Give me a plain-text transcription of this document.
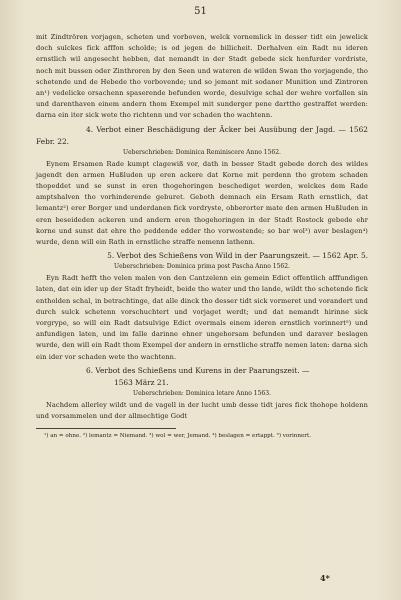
51

mit Zindtrören vorjagen, scheten und vorboven, welck vornemlick in desser tidt ein jewelick doch sulckes fick afffon scholde; is od jegen de billicheit. Derhalven ein Radt nu ideren ernstlich wil angesecht hebben, dat nemandt in der Stadt gebede sick henfurder vordriste, noch mit bussen oder Zinthroren by den Seen und wateren de wilden Swan tho vorjagende, tho schetende und de Hebede tho vorbovende; und so jemant mit sodaner Munition und Zintroren an¹) vedelicke orsachenn spaserende befunden worde, desulvige schal der wehre vorfallen sin und darenthaven einem andern thom Exempel mit sunderger pene darttho gestraffet werden: darna ein iter sick wete tho richtenn und vor schaden tho wachtenn.

4. Verbot einer Beschädigung der Äcker bei Ausübung der Jagd. — 1562 Febr. 22.

Ueberschrieben: Dominica Reminiscere Anno 1562.

Eynem Ersamen Rade kumpt clagewiß vor, dath in besser Stadt gebede dorch des wildes jagendt den armen Hußluden up eren ackere dat Korne mit perdenn tho grotem schaden thopeddet und se sunst in eren thogehoringen beschediget werden, welckes dem Rade amptshalven tho vorhinderende geburet. Geboth demnach ein Ersam Rath ernstlich, dat lemantz²) erer Borger und underdanen fick vordryste, obberorter mate den armen Hußluden in eren beseideden ackeren und andern eren thogehoringen in der Stadt Rostock gebede ehr korne und sunst dat ehre tho peddende edder tho vorwostende; so bar wol³) aver beslagen⁴) wurde, denn will ein Rath in ernstliche straffe nemenn lathenn.

5. Verbot des Schießens von Wild in der Paarungszeit. — 1562 Apr. 5.

Ueberschrieben: Dominica prima post Pascha Anno 1562.

Eyn Radt hefft tho velen malen von den Cantzelenn ein gemein Edict offentlich afffundigen laten, dat ein ider up der Stadt fryheidt, beide tho water und tho lande, wildt tho schetende fick entholden schal, in betrachtinge, dat alle dinck tho desser tidt sick vormeret und vorandert und durch sulck schetenn vorschuchtert und vorjaget werdt; und dat nemandt hirinne sick vorgrype, so will ein Radt datsulvige Edict overmals einem ideren ernstlich vorinnert⁵) und anfundigen laten, und im falle darinne ehner ungehorsam befunden und daraver beslagen wurde, den will ein Radt thom Exempel der andern in ernstliche straffe nemen laten: darna sich ein ider vor schaden wete tho wachtenn.

6. Verbot des Schießens und Kurens in der Paarungszeit. —

1563 März 21.

Ueberschrieben: Dominica letare Anno 1563.

Nachdem allerley wildt und de vagell in der lucht umb desse tidt jares fick thohope holdenn und vorsammelen und der allmechtige Godt

¹) an = ohne. ²) lemantz = Niemand. ³) wol = wer, Jemand. ⁴) beslagen = ertappt. ⁵) vorinnert.

4*
